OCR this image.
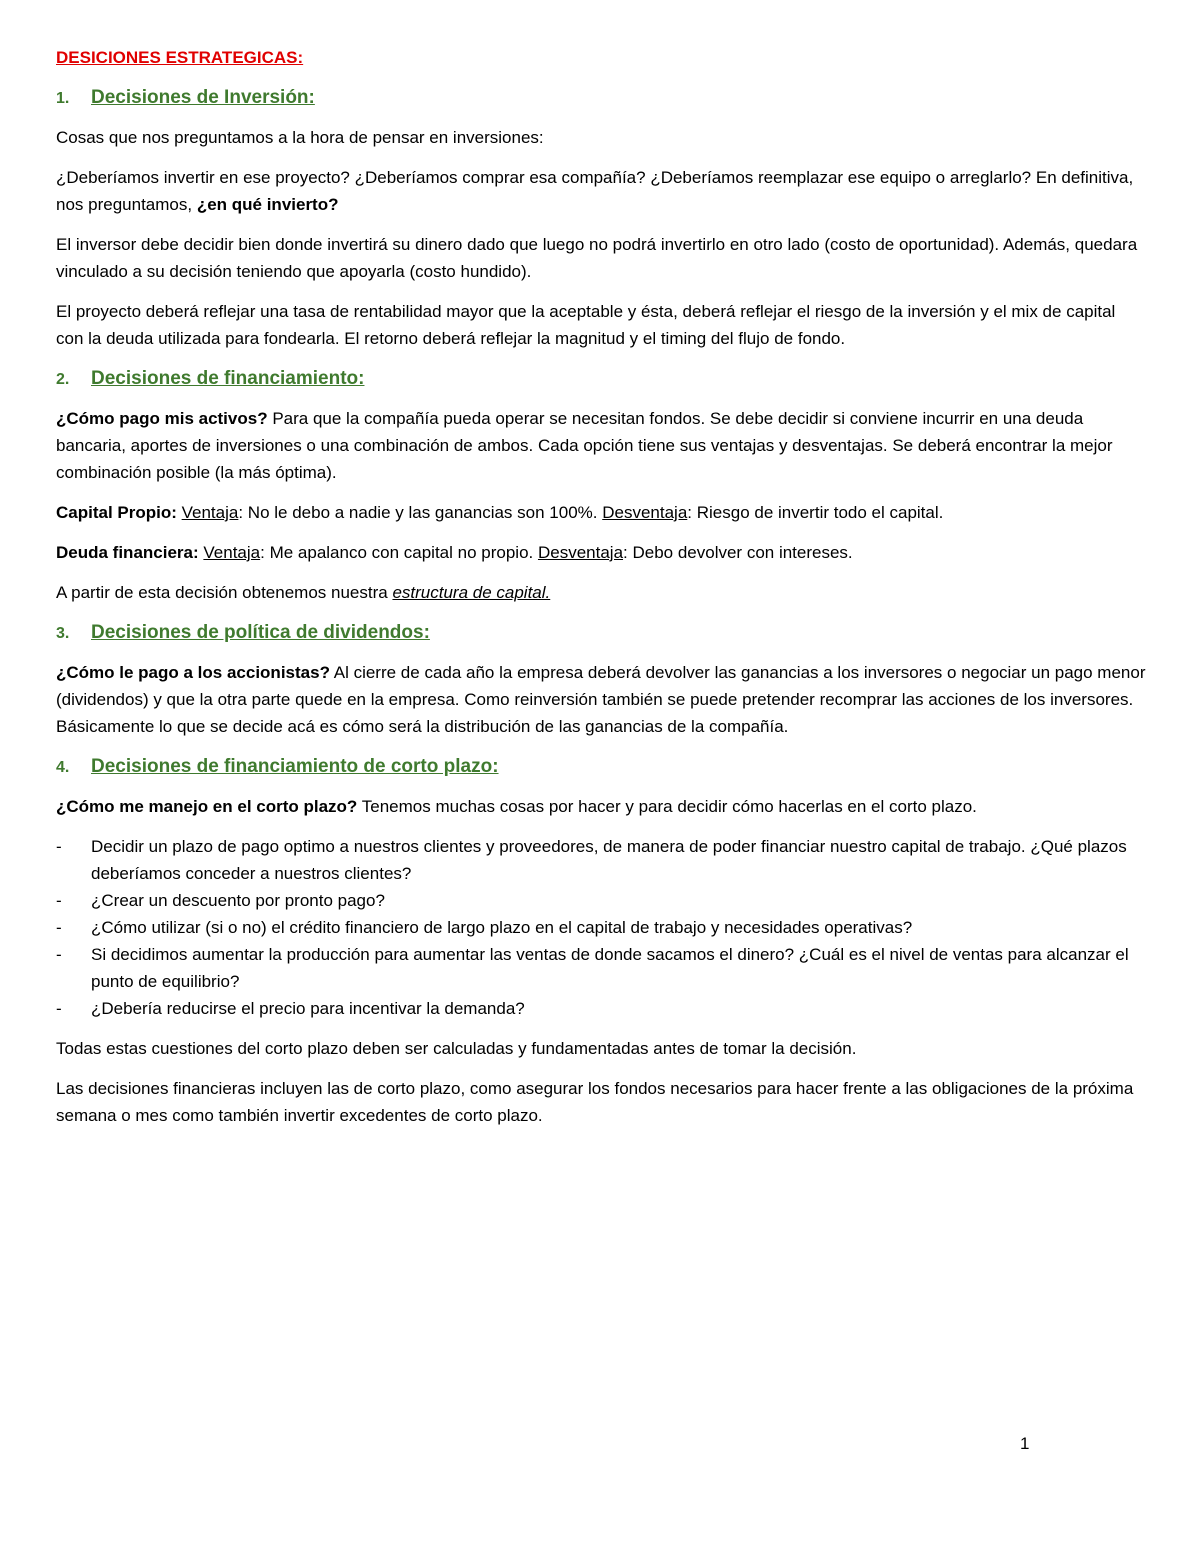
DESICIONES ESTRATEGICAS:
1.	Decisiones de Inversión:

Cosas que nos preguntamos a la hora de pensar en inversiones:

¿Deberíamos invertir en ese proyecto? ¿Deberíamos comprar esa compañía? ¿Deberíamos reemplazar ese equipo o arreglarlo? En definitiva, nos preguntamos, ¿en qué invierto?

El inversor debe decidir bien donde invertirá su dinero dado que luego no podrá invertirlo en otro lado (costo de oportunidad). Además, quedara vinculado a su decisión teniendo que apoyarla (costo hundido).

El proyecto deberá reflejar una tasa de rentabilidad mayor que la aceptable y ésta, deberá reflejar el riesgo de la inversión y el mix de capital con la deuda utilizada para fondearla. El retorno deberá reflejar la magnitud y el timing del flujo de fondo.

2.	Decisiones de financiamiento:

¿Cómo pago mis activos? Para que la compañía pueda operar se necesitan fondos. Se debe decidir si conviene incurrir en una deuda bancaria, aportes de inversiones o una combinación de ambos. Cada opción tiene sus ventajas y desventajas. Se deberá encontrar la mejor combinación posible (la más óptima).

Capital Propio: Ventaja: No le debo a nadie y las ganancias son 100%. Desventaja: Riesgo de invertir todo el capital.

Deuda financiera: Ventaja: Me apalanco con capital no propio. Desventaja: Debo devolver con intereses.

A partir de esta decisión obtenemos nuestra estructura de capital.

3.	Decisiones de política de dividendos:

¿Cómo le pago a los accionistas? Al cierre de cada año la empresa deberá devolver las ganancias a los inversores o negociar un pago menor (dividendos) y que la otra parte quede en la empresa. Como reinversión también se puede pretender recomprar las acciones de los inversores. Básicamente lo que se decide acá es cómo será la distribución de las ganancias de la compañía.

4.	Decisiones de financiamiento de corto plazo:

¿Cómo me manejo en el corto plazo? Tenemos muchas cosas por hacer y para decidir cómo hacerlas en el corto plazo.

- Decidir un plazo de pago optimo a nuestros clientes y proveedores, de manera de poder financiar nuestro capital de trabajo. ¿Qué plazos deberíamos conceder a nuestros clientes?
- ¿Crear un descuento por pronto pago?
- ¿Cómo utilizar (si o no) el crédito financiero de largo plazo en el capital de trabajo y necesidades operativas?
- Si decidimos aumentar la producción para aumentar las ventas de donde sacamos el dinero? ¿Cuál es el nivel de ventas para alcanzar el punto de equilibrio?
- ¿Debería reducirse el precio para incentivar la demanda?

Todas estas cuestiones del corto plazo deben ser calculadas y fundamentadas antes de tomar la decisión.

Las decisiones financieras incluyen las de corto plazo, como asegurar los fondos necesarios para hacer frente a las obligaciones de la próxima semana o mes como también invertir excedentes de corto plazo.

1
